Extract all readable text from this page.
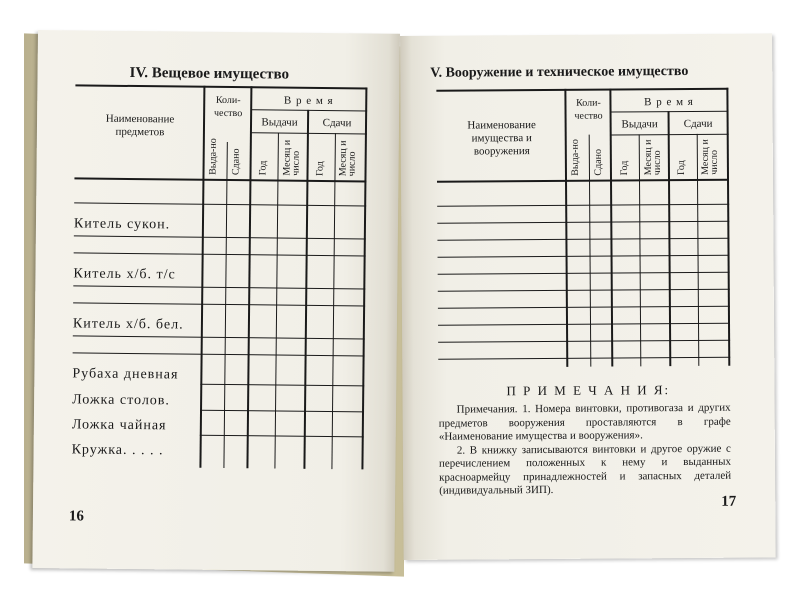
IV. Вещевое имущество
Наименование предметов
Коли-чество
В р е м я
Выдачи	Сдачи
Выда-но Сдано Год Месяц и число Год Месяц и число
Китель сукон.
Китель х/б. т/с
Китель х/б. бел.
Рубаха дневная
Ложка столов.
Ложка чайная
Кружка. . . . .
16
V. Вооружение и техническое имущество
Наименование имущества и вооружения
Коли-чество
В р е м я
Выдачи	Сдачи
Выда-но Сдано Год Месяц и число Год Месяц и число
П Р И М Е Ч А Н И Я:

Примечания. 1. Номера винтовки, противогаза и других предметов вооружения проставляются в графе «Наименование имущества и вооружения».

2. В книжку записываются винтовки и другое оружие с перечислением положенных к нему и выданных красноармейцу принадлежностей и запасных деталей (индивидуальный ЗИП).

17
